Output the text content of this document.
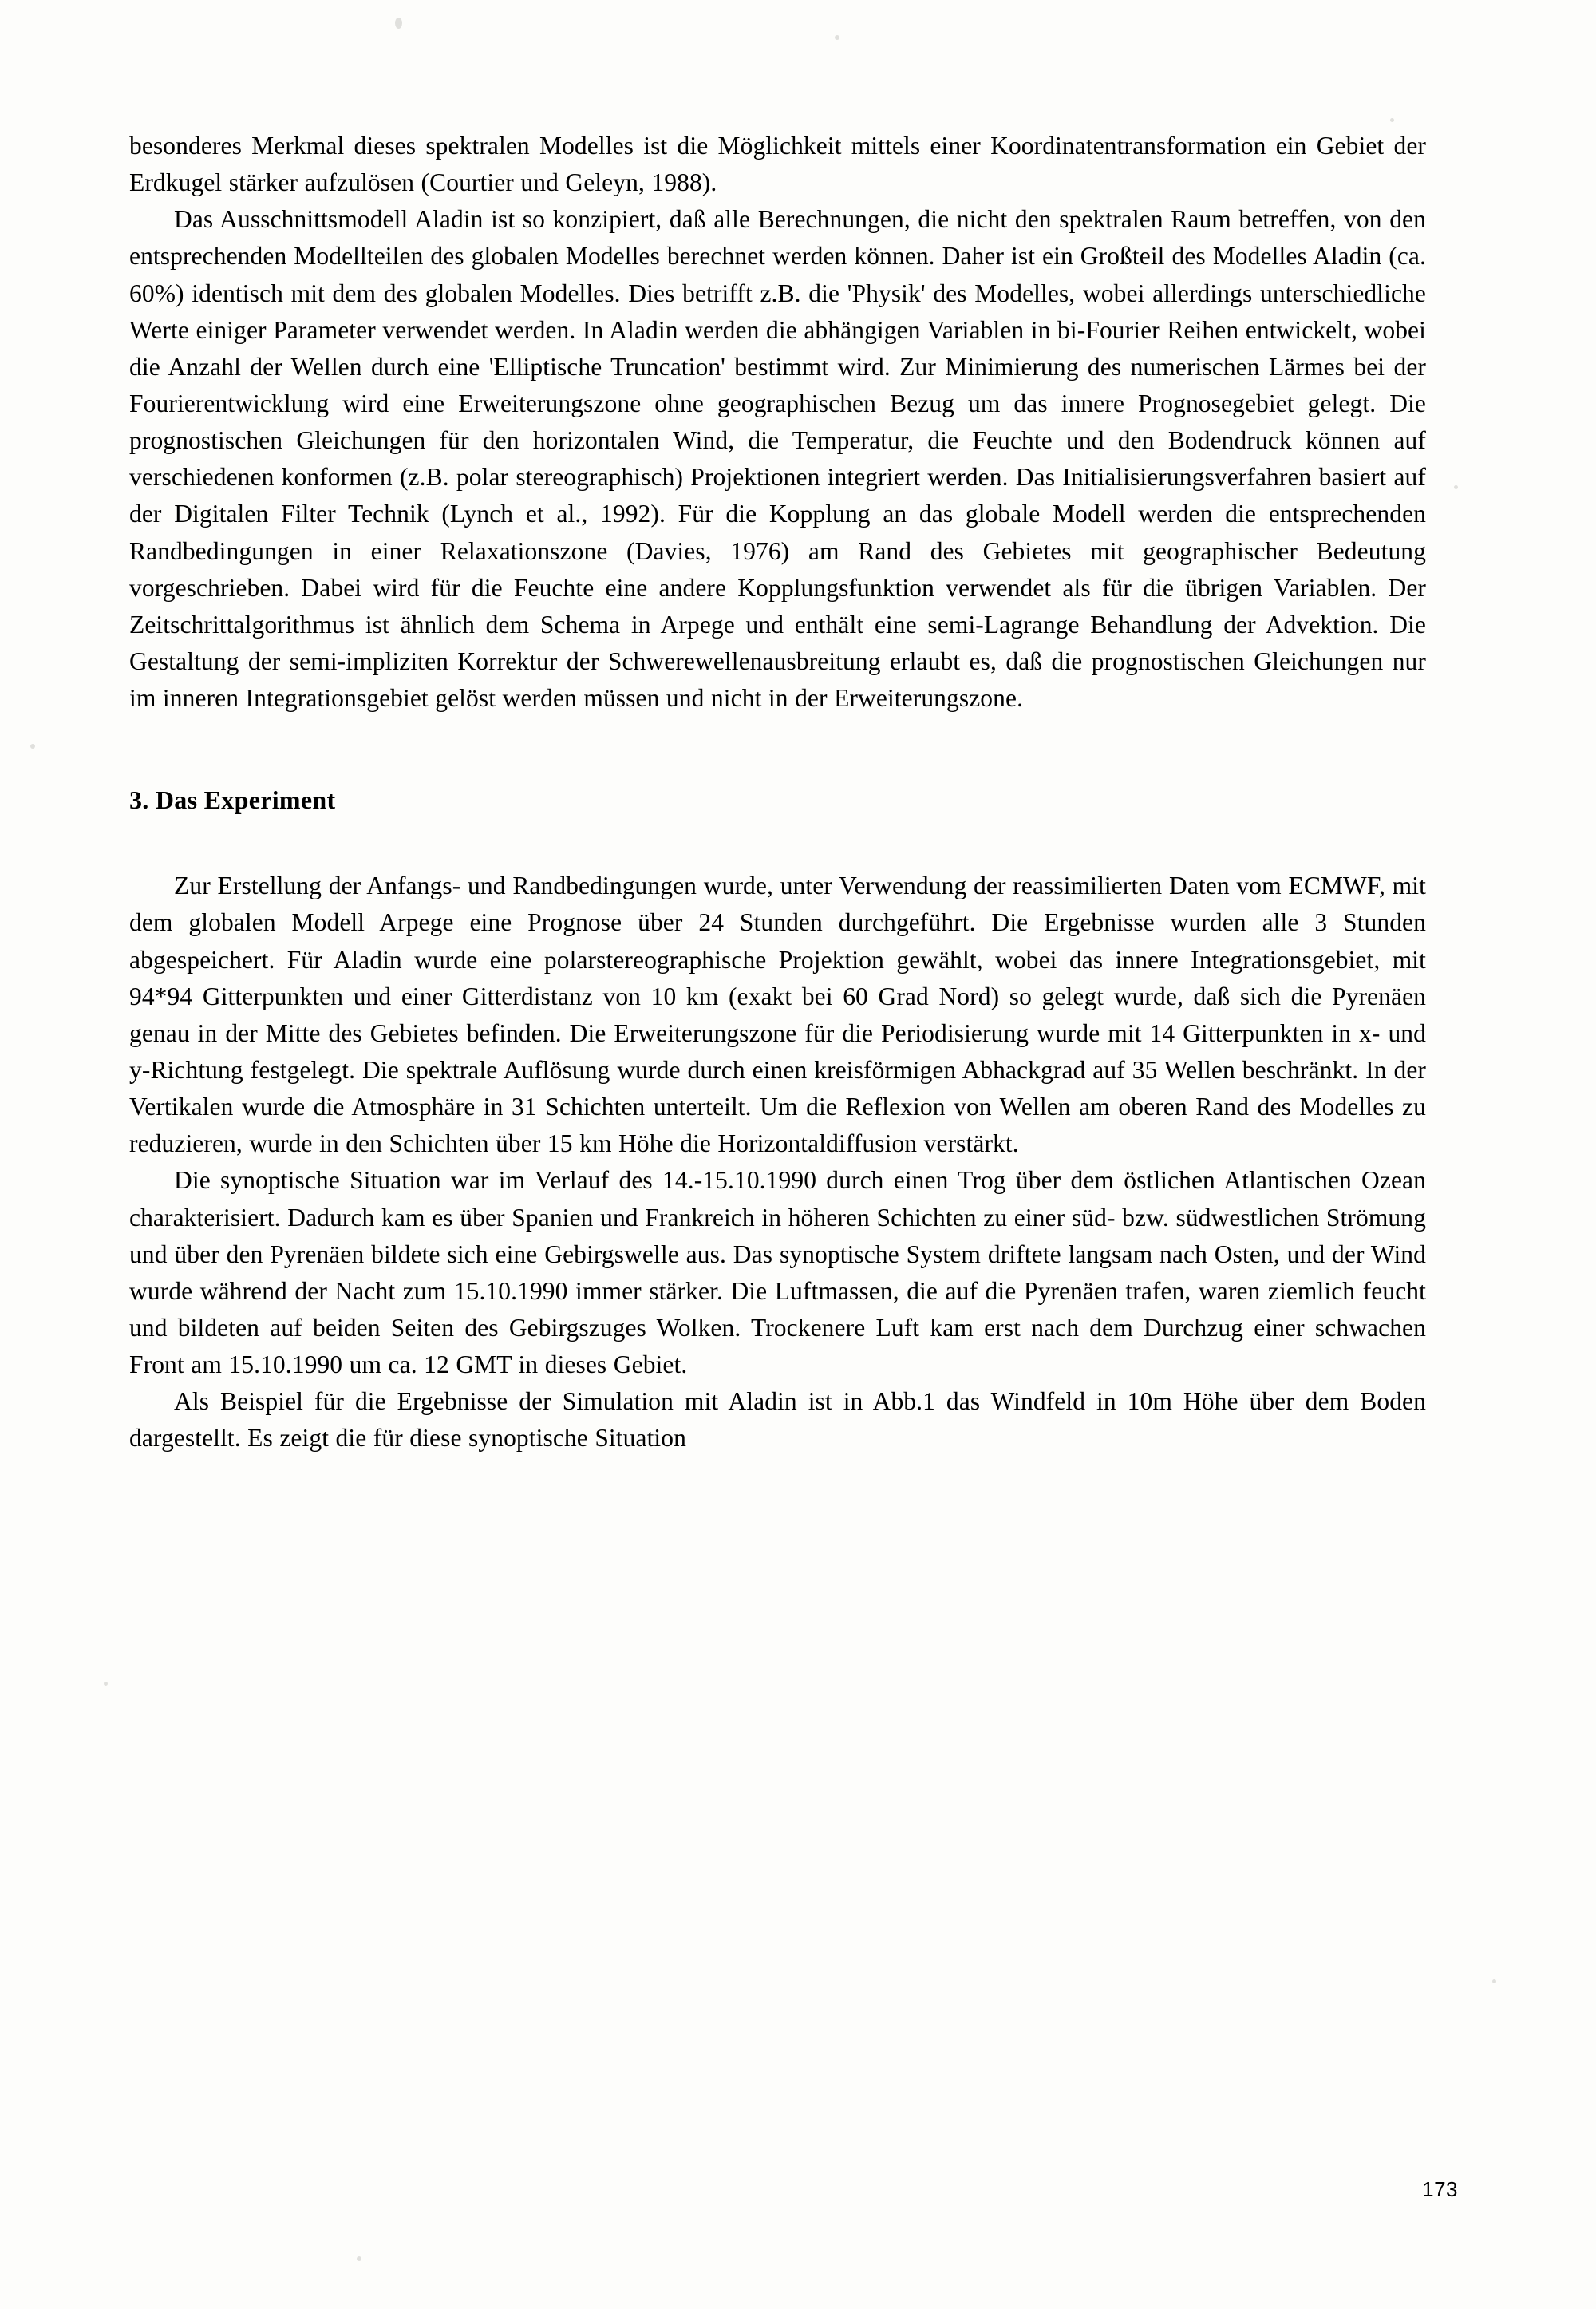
besonderes Merkmal dieses spektralen Modelles ist die Möglichkeit mittels einer Koordinatentransformation ein Gebiet der Erdkugel stärker aufzulösen (Courtier und Geleyn, 1988).

Das Ausschnittsmodell Aladin ist so konzipiert, daß alle Berechnungen, die nicht den spektralen Raum betreffen, von den entsprechenden Modellteilen des globalen Modelles berechnet werden können. Daher ist ein Großteil des Modelles Aladin (ca. 60%) identisch mit dem des globalen Modelles. Dies betrifft z.B. die 'Physik' des Modelles, wobei allerdings unterschiedliche Werte einiger Parameter verwendet werden. In Aladin werden die abhängigen Variablen in bi-Fourier Reihen entwickelt, wobei die Anzahl der Wellen durch eine 'Elliptische Truncation' bestimmt wird. Zur Minimierung des numerischen Lärmes bei der Fourierentwicklung wird eine Erweiterungszone ohne geographischen Bezug um das innere Prognosegebiet gelegt. Die prognostischen Gleichungen für den horizontalen Wind, die Temperatur, die Feuchte und den Bodendruck können auf verschiedenen konformen (z.B. polar stereographisch) Projektionen integriert werden. Das Initialisierungsverfahren basiert auf der Digitalen Filter Technik (Lynch et al., 1992). Für die Kopplung an das globale Modell werden die entsprechenden Randbedingungen in einer Relaxationszone (Davies, 1976) am Rand des Gebietes mit geographischer Bedeutung vorgeschrieben. Dabei wird für die Feuchte eine andere Kopplungsfunktion verwendet als für die übrigen Variablen. Der Zeitschrittalgorithmus ist ähnlich dem Schema in Arpege und enthält eine semi-Lagrange Behandlung der Advektion. Die Gestaltung der semi-impliziten Korrektur der Schwerewellenausbreitung erlaubt es, daß die prognostischen Gleichungen nur im inneren Integrationsgebiet gelöst werden müssen und nicht in der Erweiterungszone.

3. Das Experiment

Zur Erstellung der Anfangs- und Randbedingungen wurde, unter Verwendung der reassimilierten Daten vom ECMWF, mit dem globalen Modell Arpege eine Prognose über 24 Stunden durchgeführt. Die Ergebnisse wurden alle 3 Stunden abgespeichert. Für Aladin wurde eine polarstereographische Projektion gewählt, wobei das innere Integrationsgebiet, mit 94*94 Gitterpunkten und einer Gitterdistanz von 10 km (exakt bei 60 Grad Nord) so gelegt wurde, daß sich die Pyrenäen genau in der Mitte des Gebietes befinden. Die Erweiterungszone für die Periodisierung wurde mit 14 Gitterpunkten in x- und y-Richtung festgelegt. Die spektrale Auflösung wurde durch einen kreisförmigen Abhackgrad auf 35 Wellen beschränkt. In der Vertikalen wurde die Atmosphäre in 31 Schichten unterteilt. Um die Reflexion von Wellen am oberen Rand des Modelles zu reduzieren, wurde in den Schichten über 15 km Höhe die Horizontaldiffusion verstärkt.

Die synoptische Situation war im Verlauf des 14.-15.10.1990 durch einen Trog über dem östlichen Atlantischen Ozean charakterisiert. Dadurch kam es über Spanien und Frankreich in höheren Schichten zu einer süd- bzw. südwestlichen Strömung und über den Pyrenäen bildete sich eine Gebirgswelle aus. Das synoptische System driftete langsam nach Osten, und der Wind wurde während der Nacht zum 15.10.1990 immer stärker. Die Luftmassen, die auf die Pyrenäen trafen, waren ziemlich feucht und bildeten auf beiden Seiten des Gebirgszuges Wolken. Trockenere Luft kam erst nach dem Durchzug einer schwachen Front am 15.10.1990 um ca. 12 GMT in dieses Gebiet.

Als Beispiel für die Ergebnisse der Simulation mit Aladin ist in Abb.1 das Windfeld in 10m Höhe über dem Boden dargestellt. Es zeigt die für diese synoptische Situation

173
